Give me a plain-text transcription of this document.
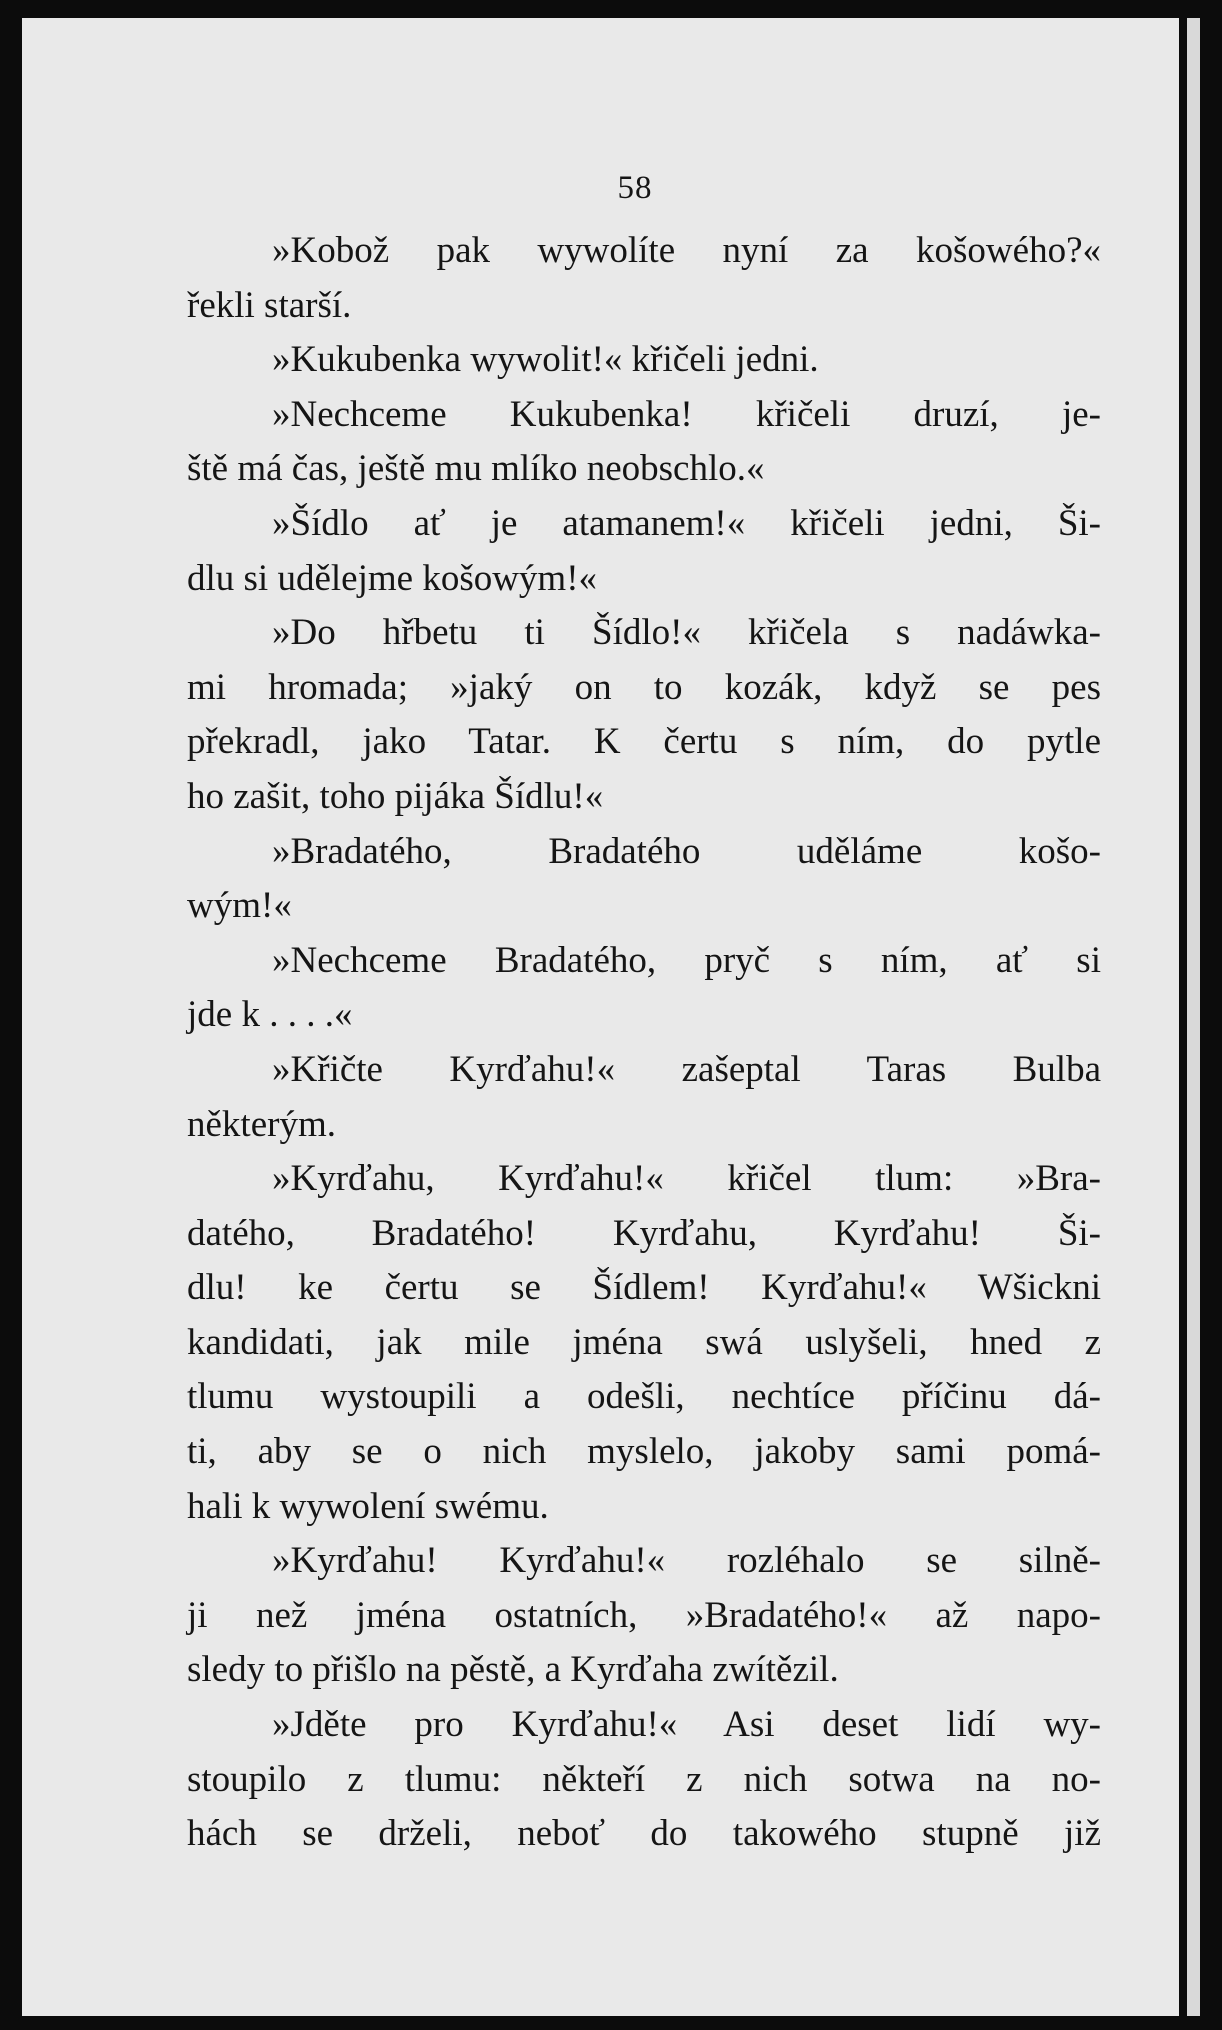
58
»Kobož pak wywolíte nyní za košowého?«
řekli starší.
»Kukubenka wywolit!« křičeli jedni.
»Nechceme Kukubenka! křičeli druzí, je-
ště má čas, ještě mu mlíko neobschlo.«
»Šídlo ať je atamanem!« křičeli jedni, Ši-
dlu si udělejme košowým!«
»Do hřbetu ti Šídlo!« křičela s nadáwka-
mi hromada; »jaký on to kozák, když se pes
překradl, jako Tatar. K čertu s ním, do pytle
ho zašit, toho pijáka Šídlu!«
»Bradatého, Bradatého uděláme košo-
wým!«
»Nechceme Bradatého, pryč s ním, ať si
jde k . . . .«
»Křičte Kyrďahu!« zašeptal Taras Bulba
některým.
»Kyrďahu, Kyrďahu!« křičel tlum: »Bra-
datého, Bradatého! Kyrďahu, Kyrďahu! Ši-
dlu! ke čertu se Šídlem! Kyrďahu!« Wšickni
kandidati, jak mile jména swá uslyšeli, hned z
tlumu wystoupili a odešli, nechtíce příčinu dá-
ti, aby se o nich myslelo, jakoby sami pomá-
hali k wywolení swému.
»Kyrďahu! Kyrďahu!« rozléhalo se silně-
ji než jména ostatních, »Bradatého!« až napo-
sledy to přišlo na pěstě, a Kyrďaha zwítězil.
»Jděte pro Kyrďahu!« Asi deset lidí wy-
stoupilo z tlumu: někteří z nich sotwa na no-
hách se drželi, neboť do takowého stupně již
